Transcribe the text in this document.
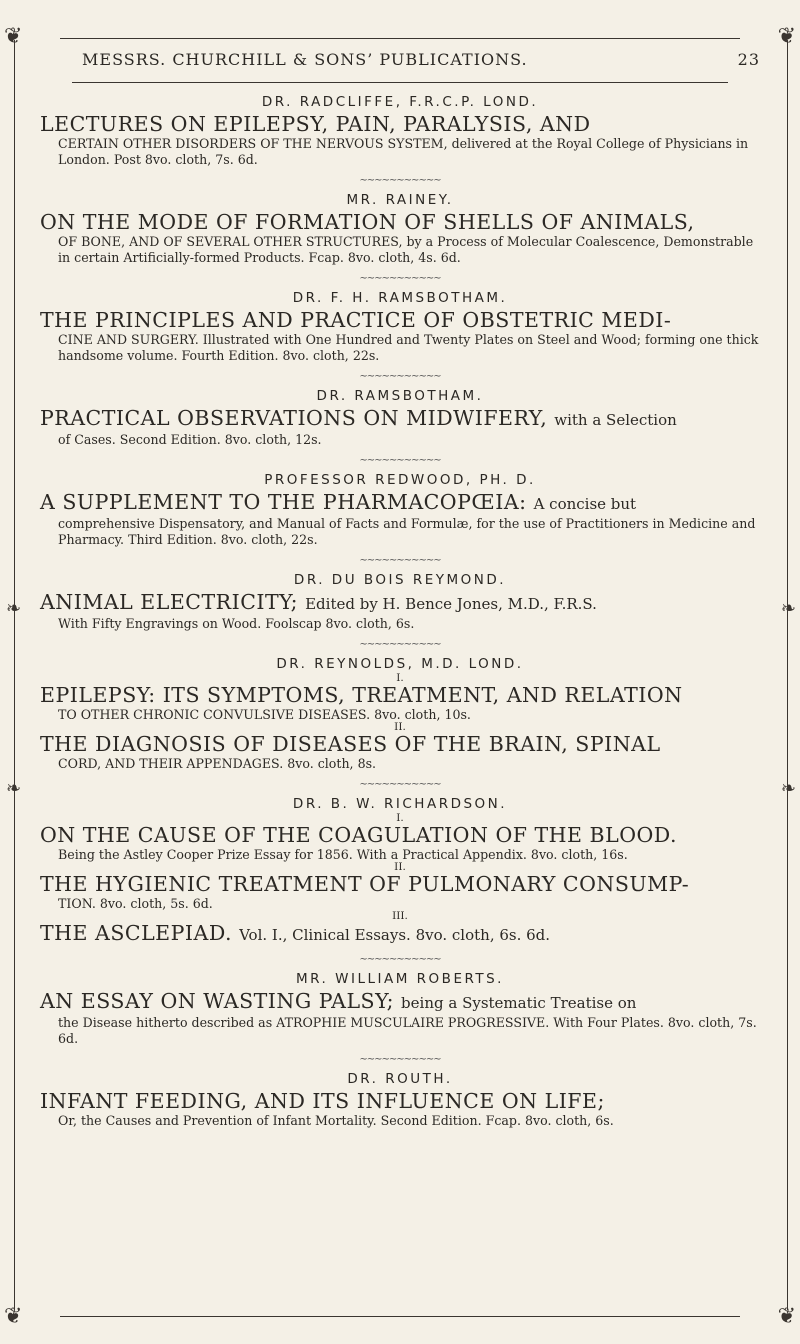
❦	❦
❦	❦
❧	❧
❧	❧
MESSRS. CHURCHILL & SONS’ PUBLICATIONS.	23
DR. RADCLIFFE, F.R.C.P. LOND.
LECTURES ON EPILEPSY, PAIN, PARALYSIS, AND
CERTAIN OTHER DISORDERS OF THE NERVOUS SYSTEM, delivered at the Royal College of Physicians in London. Post 8vo. cloth, 7s. 6d.
∼∼∼∼∼∼∼∼∼∼∼
MR. RAINEY.
ON THE MODE OF FORMATION OF SHELLS OF ANIMALS,
OF BONE, AND OF SEVERAL OTHER STRUCTURES, by a Process of Molecular Coalescence, Demonstrable in certain Artificially-formed Products. Fcap. 8vo. cloth, 4s. 6d.
∼∼∼∼∼∼∼∼∼∼∼
DR. F. H. RAMSBOTHAM.
THE PRINCIPLES AND PRACTICE OF OBSTETRIC MEDI-
CINE AND SURGERY. Illustrated with One Hundred and Twenty Plates on Steel and Wood; forming one thick handsome volume. Fourth Edition. 8vo. cloth, 22s.
∼∼∼∼∼∼∼∼∼∼∼
DR. RAMSBOTHAM.
PRACTICAL OBSERVATIONS ON MIDWIFERY, with a Selection
of Cases. Second Edition. 8vo. cloth, 12s.
∼∼∼∼∼∼∼∼∼∼∼
PROFESSOR REDWOOD, PH. D.
A SUPPLEMENT TO THE PHARMACOPŒIA: A concise but
comprehensive Dispensatory, and Manual of Facts and Formulæ, for the use of Practitioners in Medicine and Pharmacy. Third Edition. 8vo. cloth, 22s.
∼∼∼∼∼∼∼∼∼∼∼
DR. DU BOIS REYMOND.
ANIMAL ELECTRICITY; Edited by H. Bence Jones, M.D., F.R.S.
With Fifty Engravings on Wood. Foolscap 8vo. cloth, 6s.
∼∼∼∼∼∼∼∼∼∼∼
DR. REYNOLDS, M.D. LOND.
I.
EPILEPSY: ITS SYMPTOMS, TREATMENT, AND RELATION
TO OTHER CHRONIC CONVULSIVE DISEASES. 8vo. cloth, 10s.
II.
THE DIAGNOSIS OF DISEASES OF THE BRAIN, SPINAL
CORD, AND THEIR APPENDAGES. 8vo. cloth, 8s.
∼∼∼∼∼∼∼∼∼∼∼
DR. B. W. RICHARDSON.
I.
ON THE CAUSE OF THE COAGULATION OF THE BLOOD.
Being the Astley Cooper Prize Essay for 1856. With a Practical Appendix. 8vo. cloth, 16s.
II.
THE HYGIENIC TREATMENT OF PULMONARY CONSUMP-
TION. 8vo. cloth, 5s. 6d.
III.
THE ASCLEPIAD. Vol. I., Clinical Essays. 8vo. cloth, 6s. 6d.
∼∼∼∼∼∼∼∼∼∼∼
MR. WILLIAM ROBERTS.
AN ESSAY ON WASTING PALSY; being a Systematic Treatise on
the Disease hitherto described as ATROPHIE MUSCULAIRE PROGRESSIVE. With Four Plates. 8vo. cloth, 7s. 6d.
∼∼∼∼∼∼∼∼∼∼∼
DR. ROUTH.
INFANT FEEDING, AND ITS INFLUENCE ON LIFE;
Or, the Causes and Prevention of Infant Mortality. Second Edition. Fcap. 8vo. cloth, 6s.
